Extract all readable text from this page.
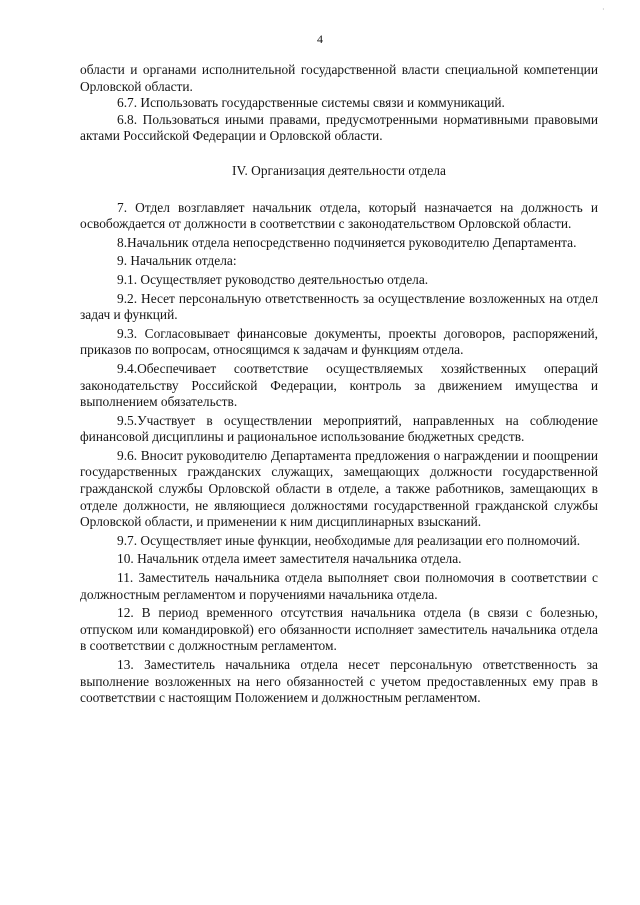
·
4

области и органами исполнительной государственной власти специальной компетенции Орловской области.

6.7. Использовать государственные системы связи и коммуникаций.

6.8. Пользоваться иными правами, предусмотренными нормативными правовыми актами Российской Федерации и Орловской области.

IV. Организация деятельности отдела

7. Отдел возглавляет начальник отдела, который назначается на должность и освобождается от должности в соответствии с законодательством Орловской области.

8.Начальник отдела непосредственно подчиняется руководителю Департамента.

9. Начальник отдела:

9.1. Осуществляет руководство деятельностью отдела.

9.2. Несет персональную ответственность за осуществление возложенных на отдел задач и функций.

9.3. Согласовывает финансовые документы, проекты договоров, распоряжений, приказов по вопросам, относящимся к задачам и функциям отдела.

9.4.Обеспечивает соответствие осуществляемых хозяйственных операций законодательству Российской Федерации, контроль за движением имущества и выполнением обязательств.

9.5.Участвует в осуществлении мероприятий, направленных на соблюдение финансовой дисциплины и рациональное использование бюджетных средств.

9.6. Вносит руководителю Департамента предложения о награждении и поощрении государственных гражданских служащих, замещающих должности государственной гражданской службы Орловской области в отделе, а также работников, замещающих в отделе должности, не являющиеся должностями государственной гражданской службы Орловской области, и применении к ним дисциплинарных взысканий.

9.7. Осуществляет иные функции, необходимые для реализации его полномочий.

10. Начальник отдела имеет заместителя начальника отдела.

11. Заместитель начальника отдела выполняет свои полномочия в соответствии с должностным регламентом и поручениями начальника отдела.

12. В период временного отсутствия начальника отдела (в связи с болезнью, отпуском или командировкой) его обязанности исполняет заместитель начальника отдела в соответствии с должностным регламентом.

13. Заместитель начальника отдела несет персональную ответственность за выполнение возложенных на него обязанностей с учетом предоставленных ему прав в соответствии с настоящим Положением и должностным регламентом.
